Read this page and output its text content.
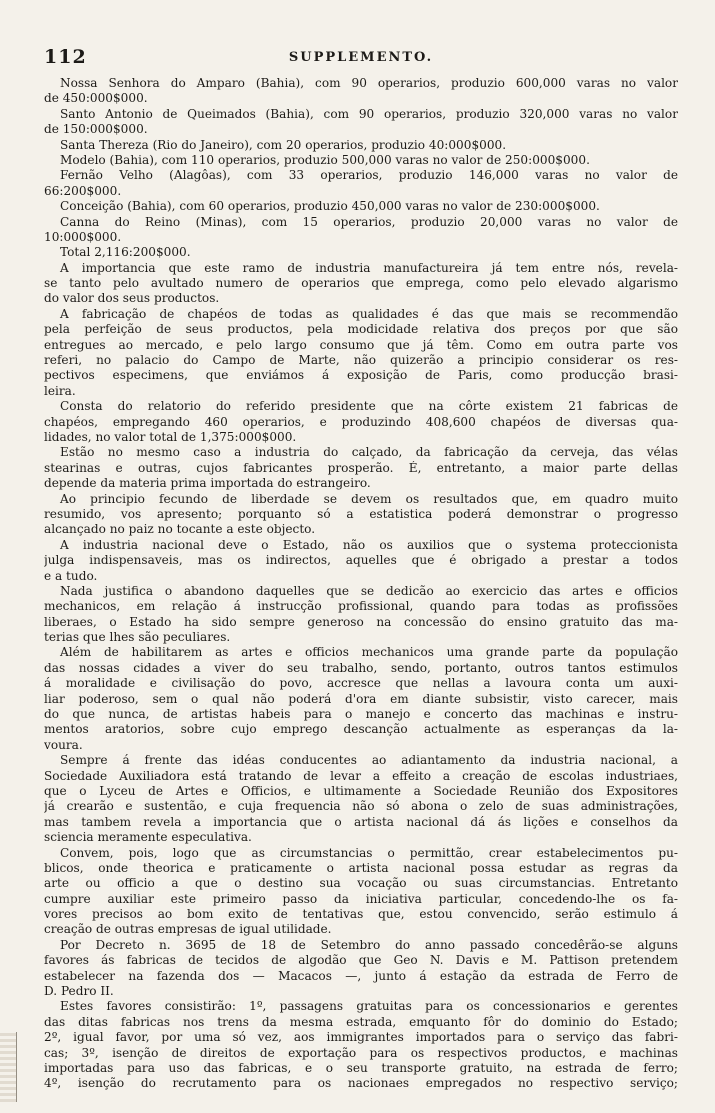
112	SUPPLEMENTO.
Nossa Senhora do Amparo (Bahia), com 90 operarios, produzio 600,000 varas no valor
de 450:000$000.
Santo Antonio de Queimados (Bahia), com 90 operarios, produzio 320,000 varas no valor
de 150:000$000.
Santa Thereza (Rio do Janeiro), com 20 operarios, produzio 40:000$000.
Modelo (Bahia), com 110 operarios, produzio 500,000 varas no valor de 250:000$000.
Fernão Velho (Alagôas), com 33 operarios, produzio 146,000 varas no valor de
66:200$000.
Conceição (Bahia), com 60 operarios, produzio 450,000 varas no valor de 230:000$000.
Canna do Reino (Minas), com 15 operarios, produzio 20,000 varas no valor de
10:000$000.
Total 2,116:200$000.
A importancia que este ramo de industria manufactureira já tem entre nós, revela-
se tanto pelo avultado numero de operarios que emprega, como pelo elevado algarismo
do valor dos seus productos.
A fabricação de chapéos de todas as qualidades é das que mais se recommendão
pela perfeição de seus productos, pela modicidade relativa dos preços por que são
entregues ao mercado, e pelo largo consumo que já têm. Como em outra parte vos
referi, no palacio do Campo de Marte, não quizerão a principio considerar os res-
pectivos especimens, que enviámos á exposição de Paris, como producção brasi-
leira.
Consta do relatorio do referido presidente que na côrte existem 21 fabricas de
chapéos, empregando 460 operarios, e produzindo 408,600 chapéos de diversas qua-
lidades, no valor total de 1,375:000$000.
Estão no mesmo caso a industria do calçado, da fabricação da cerveja, das vélas
stearinas e outras, cujos fabricantes prosperão. É, entretanto, a maior parte dellas
depende da materia prima importada do estrangeiro.
Ao principio fecundo de liberdade se devem os resultados que, em quadro muito
resumido, vos apresento; porquanto só a estatistica poderá demonstrar o progresso
alcançado no paiz no tocante a este objecto.
A industria nacional deve o Estado, não os auxilios que o systema proteccionista
julga indispensaveis, mas os indirectos, aquelles que é obrigado a prestar a todos
e a tudo.
Nada justifica o abandono daquelles que se dedicão ao exercicio das artes e officios
mechanicos, em relação á instrucção profissional, quando para todas as profissões
liberaes, o Estado ha sido sempre generoso na concessão do ensino gratuito das ma-
terias que lhes são peculiares.
Além de habilitarem as artes e officios mechanicos uma grande parte da população
das nossas cidades a viver do seu trabalho, sendo, portanto, outros tantos estimulos
á moralidade e civilisação do povo, accresce que nellas a lavoura conta um auxi-
liar poderoso, sem o qual não poderá d'ora em diante subsistir, visto carecer, mais
do que nunca, de artistas habeis para o manejo e concerto das machinas e instru-
mentos aratorios, sobre cujo emprego descanção actualmente as esperanças da la-
voura.
Sempre á frente das idéas conducentes ao adiantamento da industria nacional, a
Sociedade Auxiliadora está tratando de levar a effeito a creação de escolas industriaes,
que o Lyceu de Artes e Officios, e ultimamente a Sociedade Reunião dos Expositores
já crearão e sustentão, e cuja frequencia não só abona o zelo de suas administrações,
mas tambem revela a importancia que o artista nacional dá ás lições e conselhos da
sciencia meramente especulativa.
Convem, pois, logo que as circumstancias o permittão, crear estabelecimentos pu-
blicos, onde theorica e praticamente o artista nacional possa estudar as regras da
arte ou officio a que o destino sua vocação ou suas circumstancias. Entretanto
cumpre auxiliar este primeiro passo da iniciativa particular, concedendo-lhe os fa-
vores precisos ao bom exito de tentativas que, estou convencido, serão estimulo á
creação de outras empresas de igual utilidade.
Por Decreto n. 3695 de 18 de Setembro do anno passado concedêrão-se alguns
favores ás fabricas de tecidos de algodão que Geo N. Davis e M. Pattison pretendem
estabelecer na fazenda dos — Macacos —, junto á estação da estrada de Ferro de
D. Pedro II.
Estes favores consistirão: 1º, passagens gratuitas para os concessionarios e gerentes
das ditas fabricas nos trens da mesma estrada, emquanto fôr do dominio do Estado;
2º, igual favor, por uma só vez, aos immigrantes importados para o serviço das fabri-
cas; 3º, isenção de direitos de exportação para os respectivos productos, e machinas
importadas para uso das fabricas, e o seu transporte gratuito, na estrada de ferro;
4º, isenção do recrutamento para os nacionaes empregados no respectivo serviço;
